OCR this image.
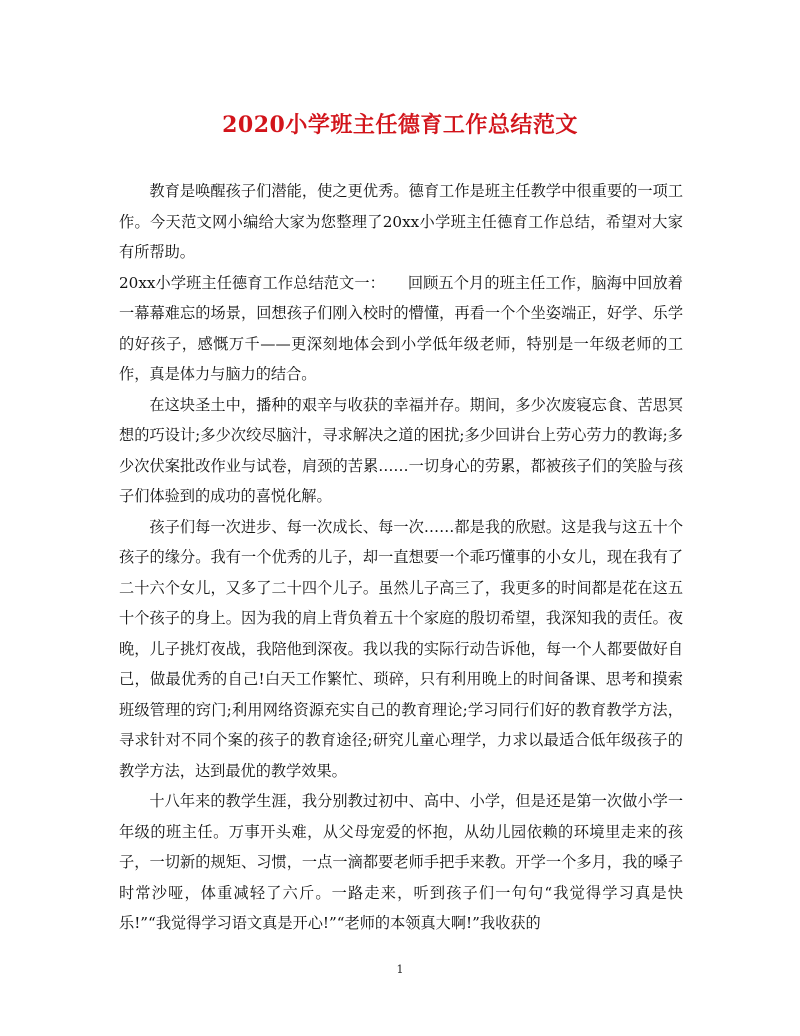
2020小学班主任德育工作总结范文

教育是唤醒孩子们潜能，使之更优秀。德育工作是班主任教学中很重要的一项工作。今天范文网小编给大家为您整理了20xx小学班主任德育工作总结，希望对大家有所帮助。

20xx小学班主任德育工作总结范文一：　　回顾五个月的班主任工作，脑海中回放着一幕幕难忘的场景，回想孩子们刚入校时的懵懂，再看一个个坐姿端正，好学、乐学的好孩子，感慨万千——更深刻地体会到小学低年级老师，特别是一年级老师的工作，真是体力与脑力的结合。

在这块圣土中，播种的艰辛与收获的幸福并存。期间，多少次废寝忘食、苦思冥想的巧设计;多少次绞尽脑汁，寻求解决之道的困扰;多少回讲台上劳心劳力的教诲;多少次伏案批改作业与试卷，肩颈的苦累……一切身心的劳累，都被孩子们的笑脸与孩子们体验到的成功的喜悦化解。

孩子们每一次进步、每一次成长、每一次……都是我的欣慰。这是我与这五十个孩子的缘分。我有一个优秀的儿子，却一直想要一个乖巧懂事的小女儿，现在我有了二十六个女儿，又多了二十四个儿子。虽然儿子高三了，我更多的时间都是花在这五十个孩子的身上。因为我的肩上背负着五十个家庭的殷切希望，我深知我的责任。夜晚，儿子挑灯夜战，我陪他到深夜。我以我的实际行动告诉他，每一个人都要做好自己，做最优秀的自己!白天工作繁忙、琐碎，只有利用晚上的时间备课、思考和摸索班级管理的窍门;利用网络资源充实自己的教育理论;学习同行们好的教育教学方法，寻求针对不同个案的孩子的教育途径;研究儿童心理学，力求以最适合低年级孩子的教学方法，达到最优的教学效果。

十八年来的教学生涯，我分别教过初中、高中、小学，但是还是第一次做小学一年级的班主任。万事开头难，从父母宠爱的怀抱，从幼儿园依赖的环境里走来的孩子，一切新的规矩、习惯，一点一滴都要老师手把手来教。开学一个多月，我的嗓子时常沙哑，体重减轻了六斤。一路走来，听到孩子们一句句“我觉得学习真是快乐!”“我觉得学习语文真是开心!”“老师的本领真大啊!”我收获的

1
